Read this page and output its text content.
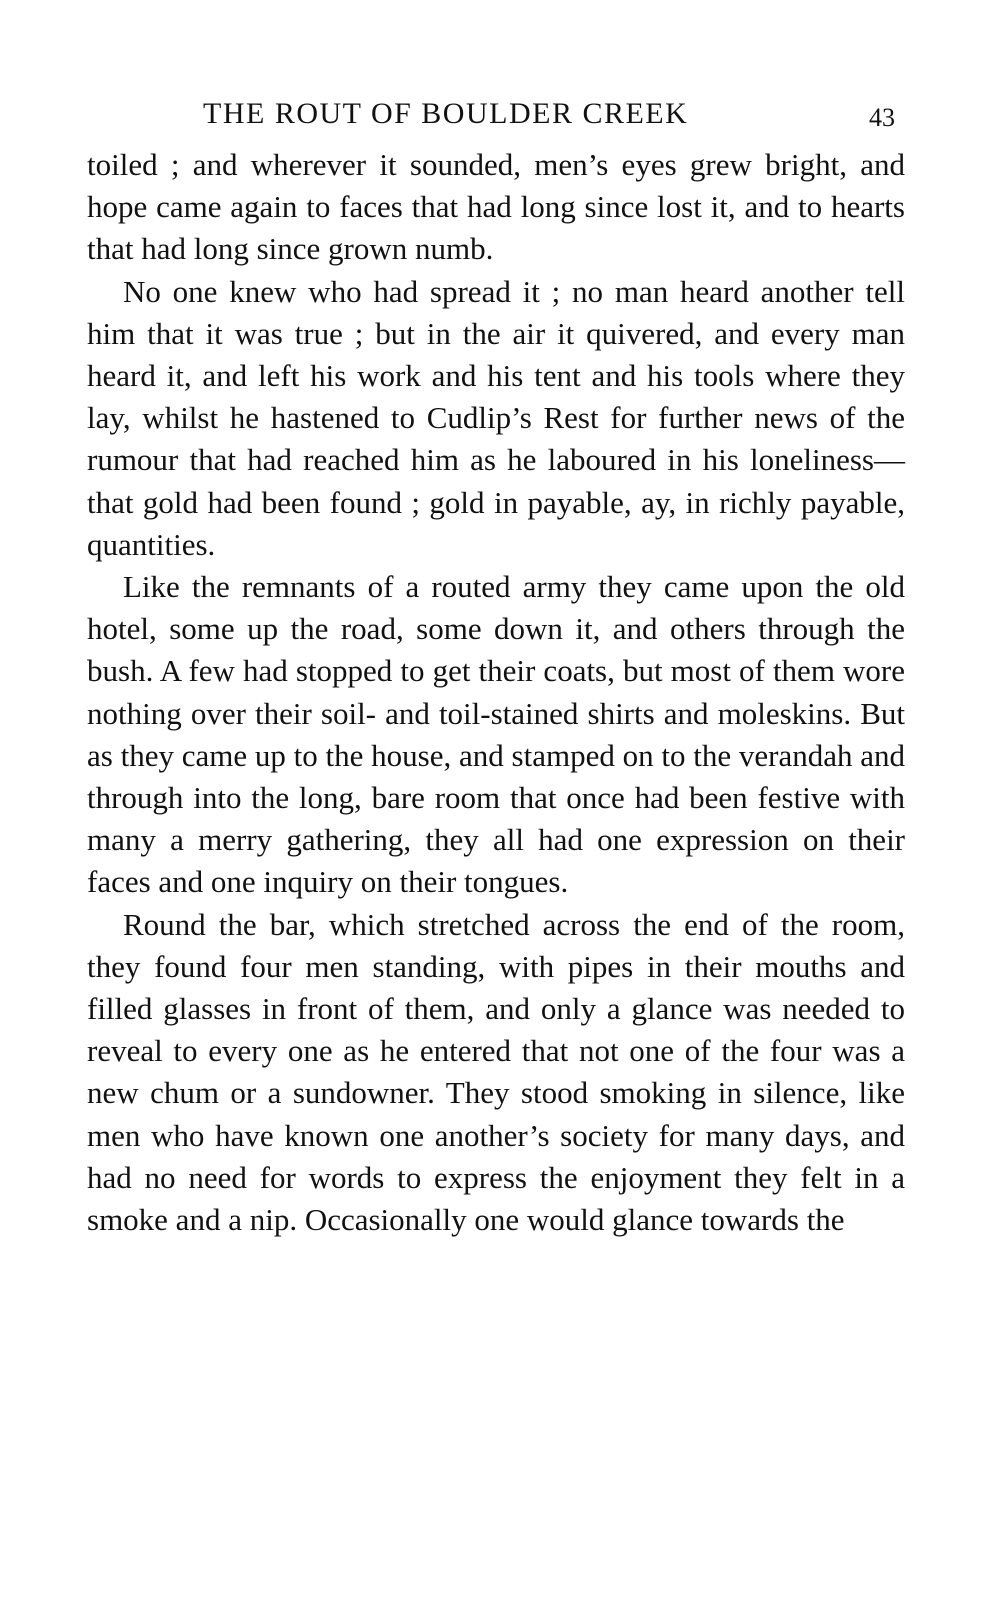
THE ROUT OF BOULDER CREEK	43

toiled ; and wherever it sounded, men’s eyes grew bright, and hope came again to faces that had long since lost it, and to hearts that had long since grown numb.

No one knew who had spread it ; no man heard another tell him that it was true ; but in the air it quivered, and every man heard it, and left his work and his tent and his tools where they lay, whilst he hastened to Cudlip’s Rest for further news of the rumour that had reached him as he laboured in his loneliness—that gold had been found ; gold in payable, ay, in richly payable, quantities.

Like the remnants of a routed army they came upon the old hotel, some up the road, some down it, and others through the bush. A few had stopped to get their coats, but most of them wore nothing over their soil- and toil-stained shirts and moleskins. But as they came up to the house, and stamped on to the verandah and through into the long, bare room that once had been festive with many a merry gathering, they all had one expression on their faces and one inquiry on their tongues.

Round the bar, which stretched across the end of the room, they found four men standing, with pipes in their mouths and filled glasses in front of them, and only a glance was needed to reveal to every one as he entered that not one of the four was a new chum or a sundowner. They stood smoking in silence, like men who have known one another’s society for many days, and had no need for words to express the enjoyment they felt in a smoke and a nip. Occasionally one would glance towards the
